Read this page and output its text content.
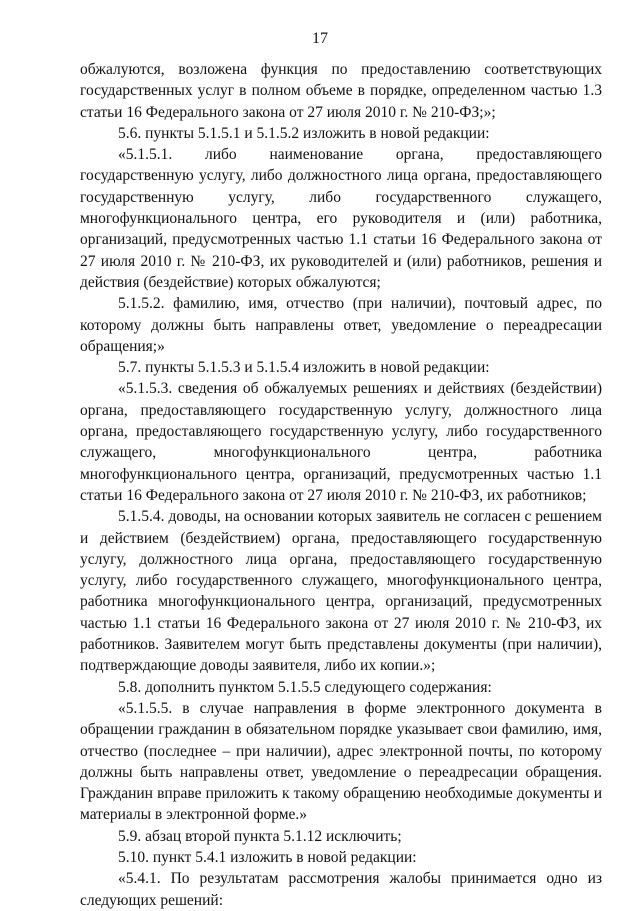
17

обжалуются, возложена функция по предоставлению соответствующих государственных услуг в полном объеме в порядке, определенном частью 1.3 статьи 16 Федерального закона от 27 июля 2010 г. № 210-ФЗ;»;

5.6. пункты 5.1.5.1 и 5.1.5.2 изложить в новой редакции:

«5.1.5.1. либо наименование органа, предоставляющего государственную услугу, либо должностного лица органа, предоставляющего государственную услугу, либо государственного служащего, многофункционального центра, его руководителя и (или) работника, организаций, предусмотренных частью 1.1 статьи 16 Федерального закона от 27 июля 2010 г. № 210-ФЗ, их руководителей и (или) работников, решения и действия (бездействие) которых обжалуются;

5.1.5.2. фамилию, имя, отчество (при наличии), почтовый адрес, по которому должны быть направлены ответ, уведомление о переадресации обращения;»

5.7. пункты 5.1.5.3 и 5.1.5.4 изложить в новой редакции:

«5.1.5.3. сведения об обжалуемых решениях и действиях (бездействии) органа, предоставляющего государственную услугу, должностного лица органа, предоставляющего государственную услугу, либо государственного служащего, многофункционального центра, работника многофункционального центра, организаций, предусмотренных частью 1.1 статьи 16 Федерального закона от 27 июля 2010 г. № 210-ФЗ, их работников;

5.1.5.4. доводы, на основании которых заявитель не согласен с решением и действием (бездействием) органа, предоставляющего государственную услугу, должностного лица органа, предоставляющего государственную услугу, либо государственного служащего, многофункционального центра, работника многофункционального центра, организаций, предусмотренных частью 1.1 статьи 16 Федерального закона от 27 июля 2010 г. № 210-ФЗ, их работников. Заявителем могут быть представлены документы (при наличии), подтверждающие доводы заявителя, либо их копии.»;

5.8. дополнить пунктом 5.1.5.5 следующего содержания:

«5.1.5.5. в случае направления в форме электронного документа в обращении гражданин в обязательном порядке указывает свои фамилию, имя, отчество (последнее – при наличии), адрес электронной почты, по которому должны быть направлены ответ, уведомление о переадресации обращения. Гражданин вправе приложить к такому обращению необходимые документы и материалы в электронной форме.»

5.9. абзац второй пункта 5.1.12 исключить;

5.10. пункт 5.4.1 изложить в новой редакции:

«5.4.1. По результатам рассмотрения жалобы принимается одно из следующих решений:
